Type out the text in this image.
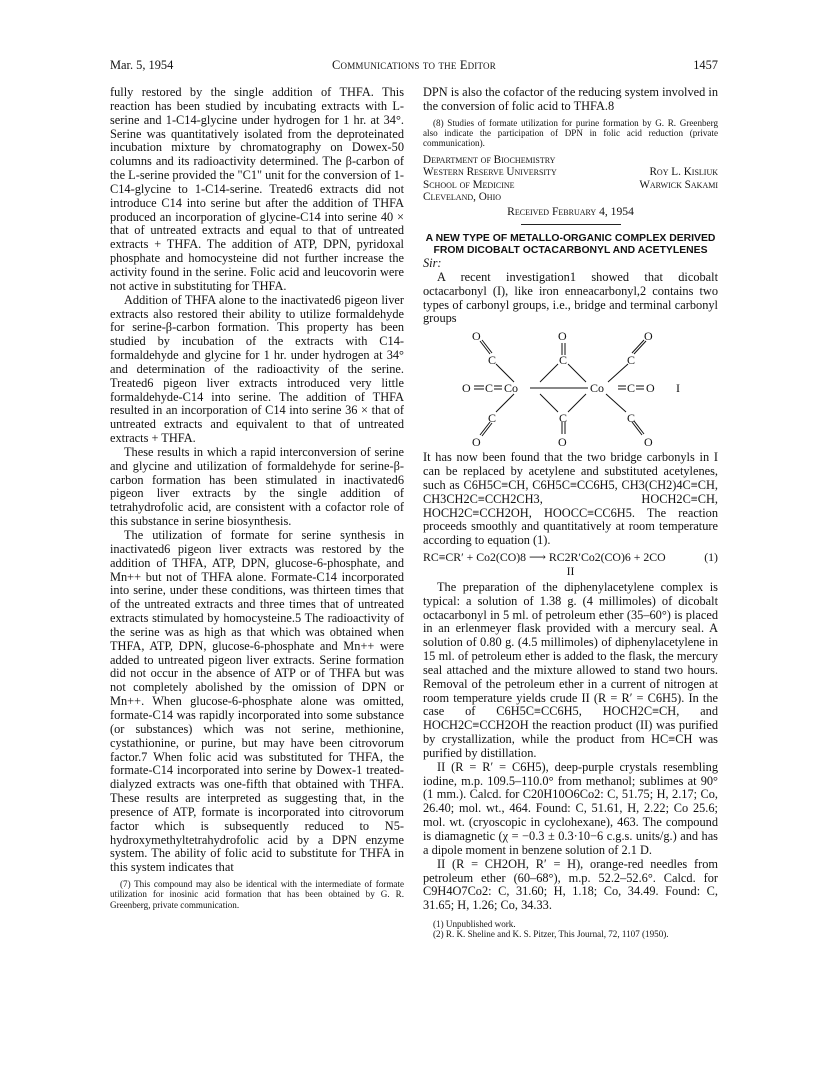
Mar. 5, 1954	Communications to the Editor	1457

fully restored by the single addition of THFA. This reaction has been studied by incubating extracts with L-serine and 1-C14-glycine under hydrogen for 1 hr. at 34°. Serine was quantitatively isolated from the deproteinated incubation mixture by chromatography on Dowex-50 columns and its radioactivity determined. The β-carbon of the L-serine provided the "C1" unit for the conversion of 1-C14-glycine to 1-C14-serine. Treated6 extracts did not introduce C14 into serine but after the addition of THFA produced an incorporation of glycine-C14 into serine 40 × that of untreated extracts and equal to that of untreated extracts + THFA. The addition of ATP, DPN, pyridoxal phosphate and homocysteine did not further increase the activity found in the serine. Folic acid and leucovorin were not active in substituting for THFA.

Addition of THFA alone to the inactivated6 pigeon liver extracts also restored their ability to utilize formaldehyde for serine-β-carbon formation. This property has been studied by incubation of the extracts with C14-formaldehyde and glycine for 1 hr. under hydrogen at 34° and determination of the radioactivity of the serine. Treated6 pigeon liver extracts introduced very little formaldehyde-C14 into serine. The addition of THFA resulted in an incorporation of C14 into serine 36 × that of untreated extracts and equivalent to that of untreated extracts + THFA.

These results in which a rapid interconversion of serine and glycine and utilization of formaldehyde for serine-β-carbon formation has been stimulated in inactivated6 pigeon liver extracts by the single addition of tetrahydrofolic acid, are consistent with a cofactor role of this substance in serine biosynthesis.

The utilization of formate for serine synthesis in inactivated6 pigeon liver extracts was restored by the addition of THFA, ATP, DPN, glucose-6-phosphate, and Mn++ but not of THFA alone. Formate-C14 incorporated into serine, under these conditions, was thirteen times that of the untreated extracts and three times that of untreated extracts stimulated by homocysteine.5 The radioactivity of the serine was as high as that which was obtained when THFA, ATP, DPN, glucose-6-phosphate and Mn++ were added to untreated pigeon liver extracts. Serine formation did not occur in the absence of ATP or of THFA but was not completely abolished by the omission of DPN or Mn++. When glucose-6-phosphate alone was omitted, formate-C14 was rapidly incorporated into some substance (or substances) which was not serine, methionine, cystathionine, or purine, but may have been citrovorum factor.7 When folic acid was substituted for THFA, the formate-C14 incorporated into serine by Dowex-1 treated-dialyzed extracts was one-fifth that obtained with THFA. These results are interpreted as suggesting that, in the presence of ATP, formate is incorporated into citrovorum factor which is subsequently reduced to N5-hydroxymethyltetrahydrofolic acid by a DPN enzyme system. The ability of folic acid to substitute for THFA in this system indicates that

(7) This compound may also be identical with the intermediate of formate utilization for inosinic acid formation that has been obtained by G. R. Greenberg, private communication.

DPN is also the cofactor of the reducing system involved in the conversion of folic acid to THFA.8

(8) Studies of formate utilization for purine formation by G. R. Greenberg also indicate the participation of DPN in folic acid reduction (private communication).

Department of Biochemistry
Western Reserve University	Roy L. Kisliuk
School of Medicine	Warwick Sakami
Cleveland, Ohio
Received February 4, 1954
A NEW TYPE OF METALLO-ORGANIC COMPLEX DERIVED FROM DICOBALT OCTACARBONYL AND ACETYLENES
Sir:

A recent investigation1 showed that dicobalt octacarbonyl (I), like iron enneacarbonyl,2 contains two types of carbonyl groups, i.e., bridge and terminal carbonyl groups

O	O	O
C	C	C
O C Co	Co C O I
C	C	C
O	O	O

It has now been found that the two bridge carbonyls in I can be replaced by acetylene and substituted acetylenes, such as C6H5C≡CH, C6H5C≡CC6H5, CH3(CH2)4C≡CH, CH3CH2C≡CCH2CH3, HOCH2C≡CH, HOCH2C≡CCH2OH, HOOCC≡CC6H5. The reaction proceeds smoothly and quantitatively at room temperature according to equation (1).

RC≡CR′ + Co2(CO)8 ⟶ RC2R′Co2(CO)6 + 2CO	(1)
II

The preparation of the diphenylacetylene complex is typical: a solution of 1.38 g. (4 millimoles) of dicobalt octacarbonyl in 5 ml. of petroleum ether (35–60°) is placed in an erlenmeyer flask provided with a mercury seal. A solution of 0.80 g. (4.5 millimoles) of diphenylacetylene in 15 ml. of petroleum ether is added to the flask, the mercury seal attached and the mixture allowed to stand two hours. Removal of the petroleum ether in a current of nitrogen at room temperature yields crude II (R = R′ = C6H5). In the case of C6H5C≡CC6H5, HOCH2C≡CH, and HOCH2C≡CCH2OH the reaction product (II) was purified by crystallization, while the product from HC≡CH was purified by distillation.

II (R = R′ = C6H5), deep-purple crystals resembling iodine, m.p. 109.5–110.0° from methanol; sublimes at 90° (1 mm.). Calcd. for C20H10O6Co2: C, 51.75; H, 2.17; Co, 26.40; mol. wt., 464. Found: C, 51.61, H, 2.22; Co 25.6; mol. wt. (cryoscopic in cyclohexane), 463. The compound is diamagnetic (χ = −0.3 ± 0.3·10−6 c.g.s. units/g.) and has a dipole moment in benzene solution of 2.1 D.

II (R = CH2OH, R′ = H), orange-red needles from petroleum ether (60–68°), m.p. 52.2–52.6°. Calcd. for C9H4O7Co2: C, 31.60; H, 1.18; Co, 34.49. Found: C, 31.65; H, 1.26; Co, 34.33.

(1) Unpublished work.

(2) R. K. Sheline and K. S. Pitzer, This Journal, 72, 1107 (1950).
